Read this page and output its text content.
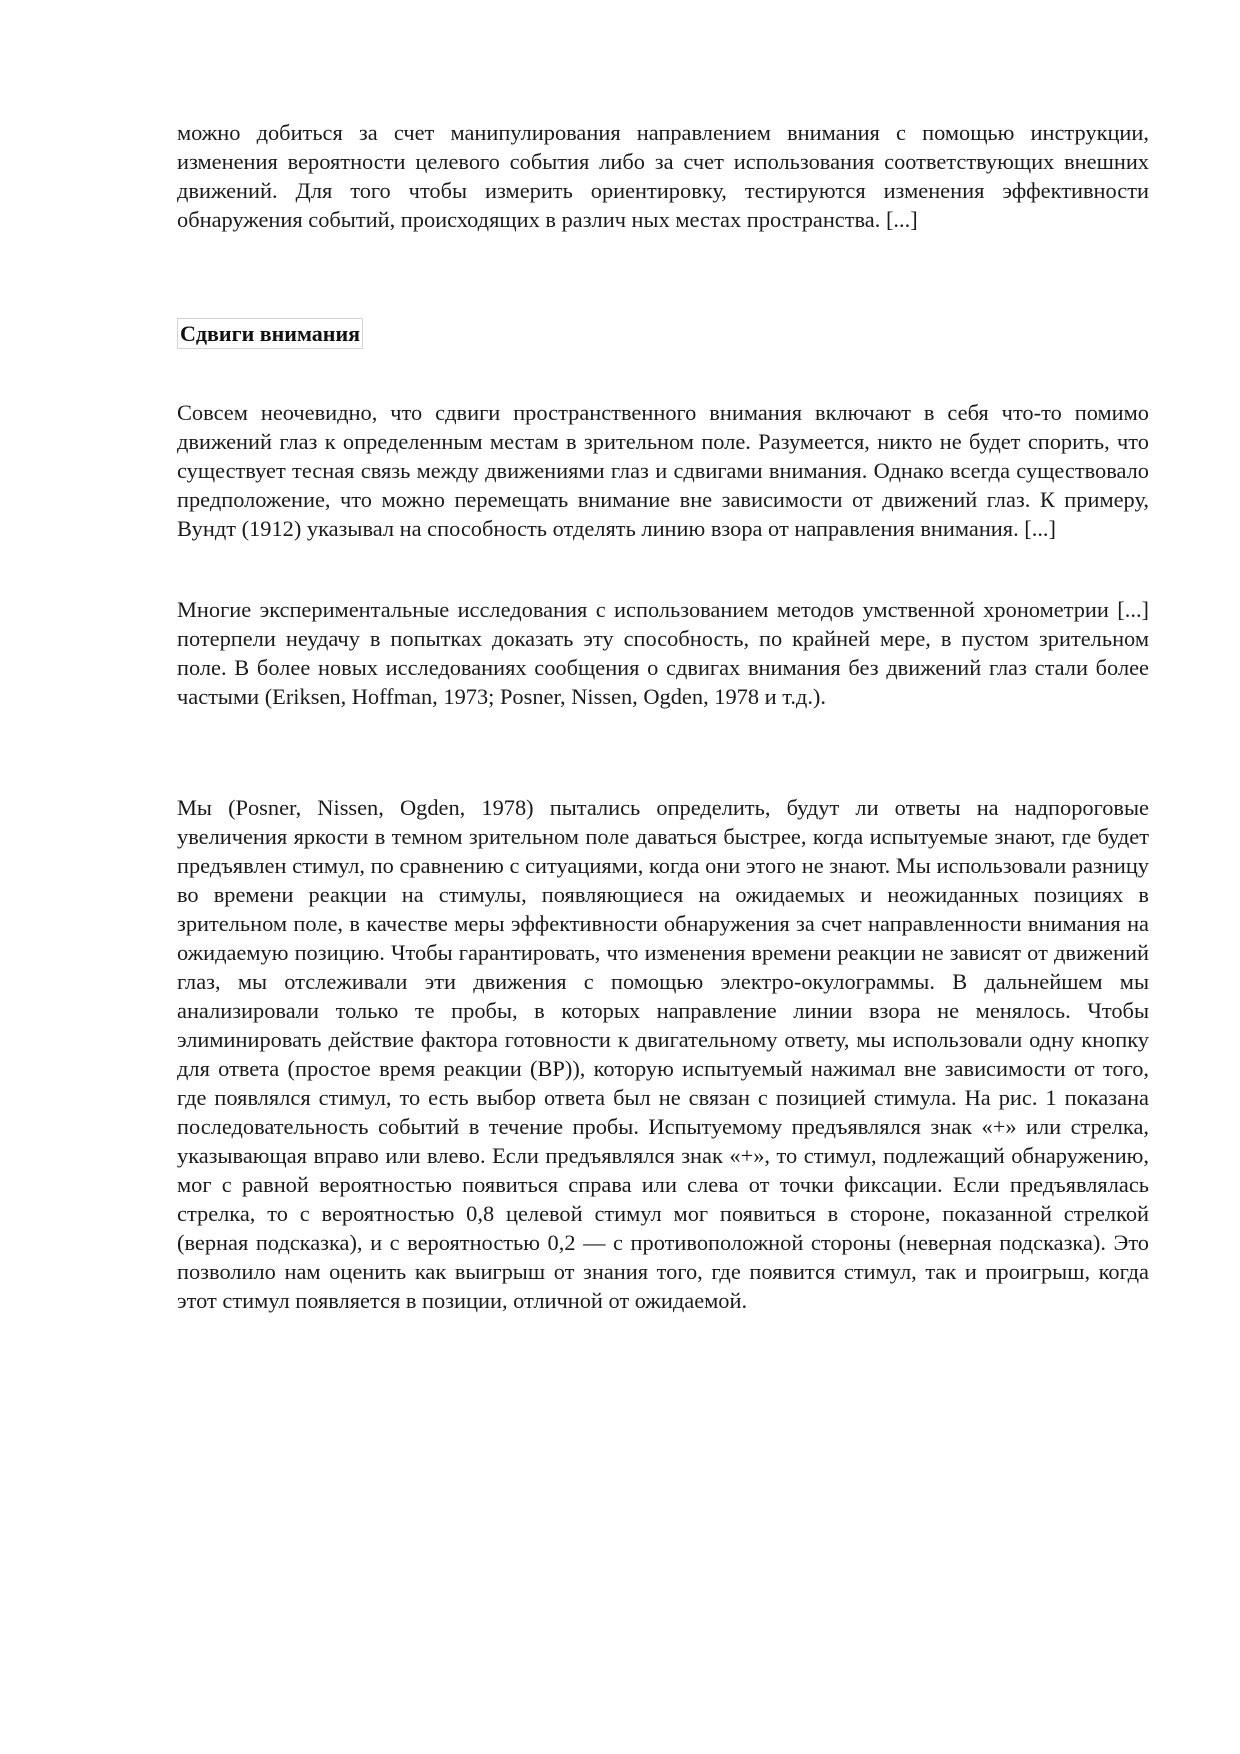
можно добиться за счет манипулирования направлением внимания с помощью инструкции, изменения вероятности целевого события либо за счет использования соответствующих внешних движений. Для того чтобы измерить ориентировку, тестируются изменения эффективности обнаружения событий, происходящих в различ ных местах пространства. [...]

Сдвиги внимания

Совсем неочевидно, что сдвиги пространственного внимания включают в себя что-то помимо движений глаз к определенным местам в зрительном поле. Разумеется, никто не будет спорить, что существует тесная связь между движениями глаз и сдвигами внимания. Однако всегда существовало предположение, что можно перемещать внимание вне зависимости от движений глаз. К примеру, Вундт (1912) указывал на способность отделять линию взора от направления внимания. [...]

Многие экспериментальные исследования с использованием методов умственной хронометрии [...] потерпели неудачу в попытках доказать эту способность, по крайней мере, в пустом зрительном поле. В более новых исследованиях сообщения о сдвигах внимания без движений глаз стали более частыми (Eriksen, Hoffman, 1973; Posner, Nissen, Ogden, 1978 и т.д.).

Мы (Posner, Nissen, Ogden, 1978) пытались определить, будут ли ответы на надпороговые увеличения яркости в темном зрительном поле даваться быстрее, когда испытуемые знают, где будет предъявлен стимул, по сравнению с ситуациями, когда они этого не знают. Мы использовали разницу во времени реакции на стимулы, появляющиеся на ожидаемых и неожиданных позициях в зрительном поле, в качестве меры эффективности обнаружения за счет направленности внимания на ожидаемую позицию. Чтобы гарантировать, что изменения времени реакции не зависят от движений глаз, мы отслеживали эти движения с помощью электро-окулограммы. В дальнейшем мы анализировали только те пробы, в которых направление линии взора не менялось. Чтобы элиминировать действие фактора готовности к двигательному ответу, мы использовали одну кнопку для ответа (простое время реакции (ВР)), которую испытуемый нажимал вне зависимости от того, где появлялся стимул, то есть выбор ответа был не связан с позицией стимула. На рис. 1 показана последовательность событий в течение пробы. Испытуемому предъявлялся знак «+» или стрелка, указывающая вправо или влево. Если предъявлялся знак «+», то стимул, подлежащий обнаружению, мог с равной вероятностью появиться справа или слева от точки фиксации. Если предъявлялась стрелка, то с вероятностью 0,8 целевой стимул мог появиться в стороне, показанной стрелкой (верная подсказка), и с вероятностью 0,2 — с противоположной стороны (неверная подсказка). Это позволило нам оценить как выигрыш от знания того, где появится стимул, так и проигрыш, когда этот стимул появляется в позиции, отличной от ожидаемой.
